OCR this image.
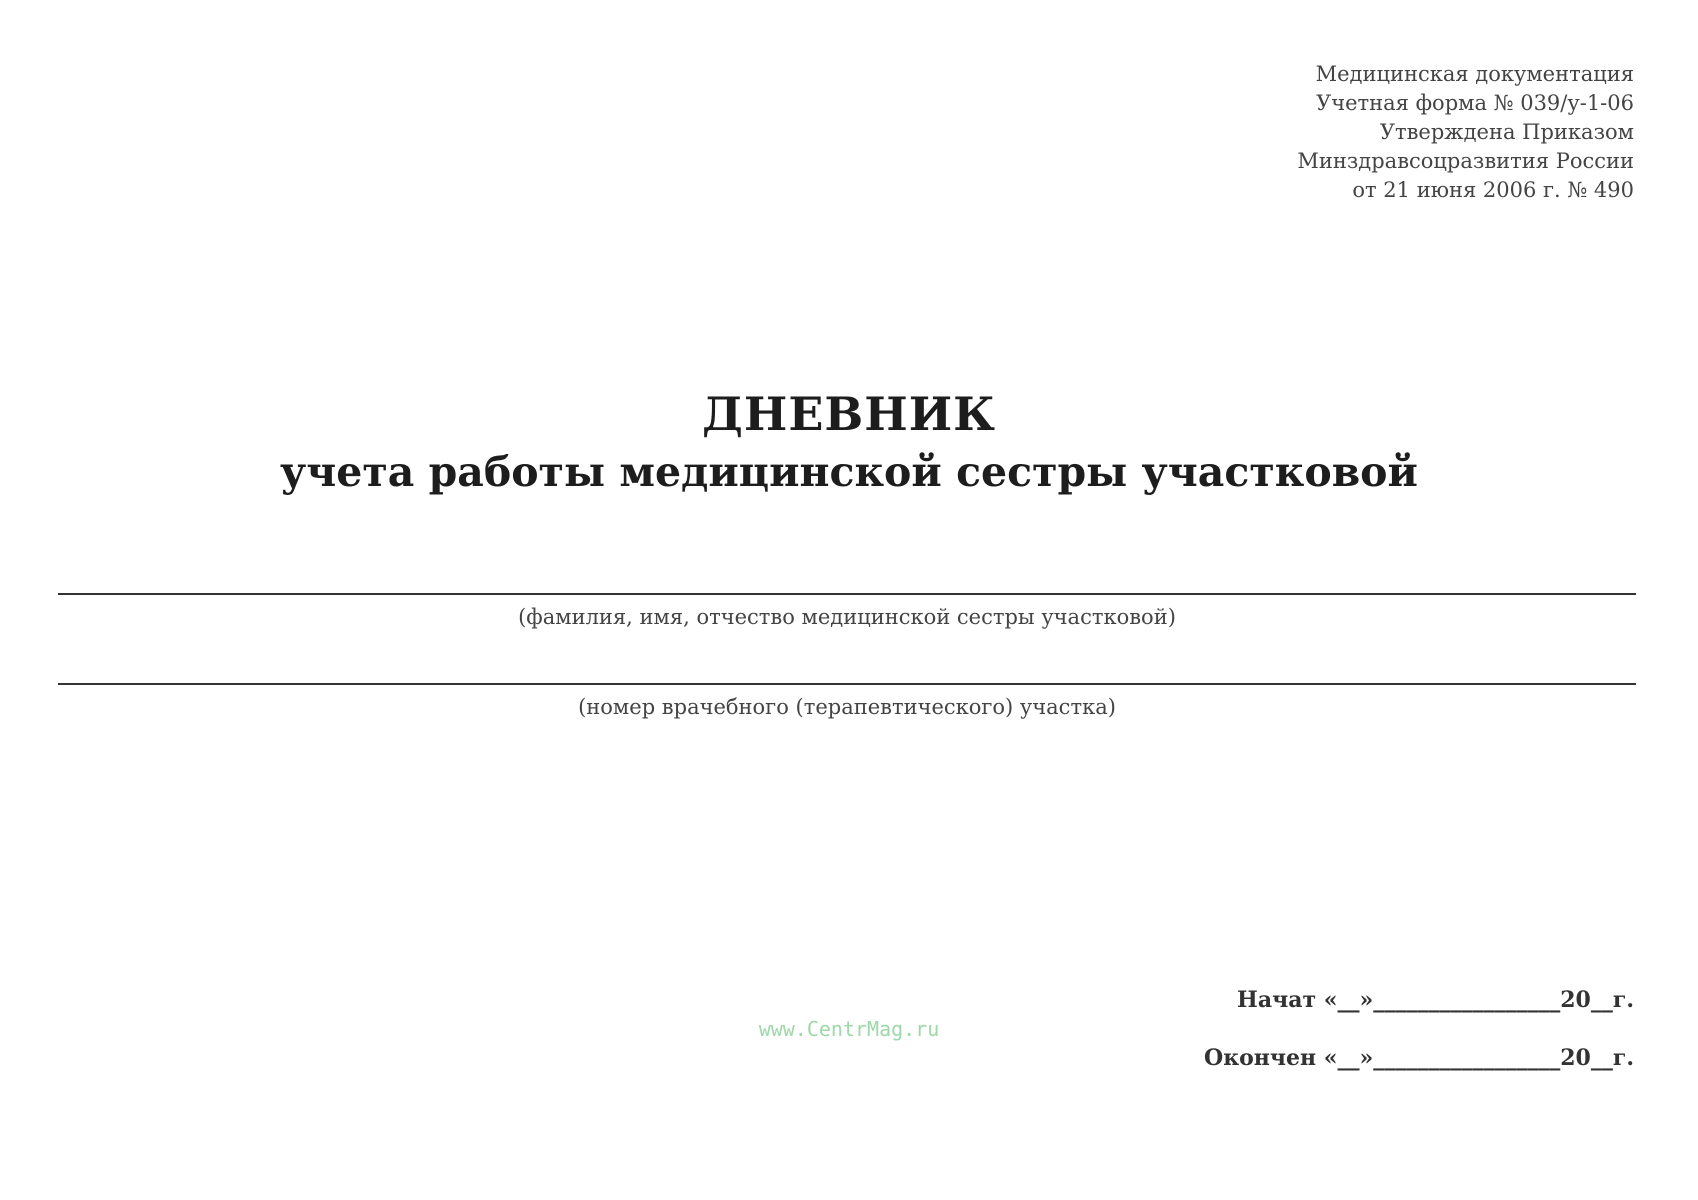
Медицинская документация
Учетная форма № 039/у-1-06
Утверждена Приказом
Минздравсоцразвития России
от 21 июня 2006 г. № 490
ДНЕВНИК
учета работы медицинской сестры участковой
(фамилия, имя, отчество медицинской сестры участковой)
(номер врачебного (терапевтического) участка)
www.CentrMag.ru
Начат «__»_________________20__г.
Окончен «__»_________________20__г.
